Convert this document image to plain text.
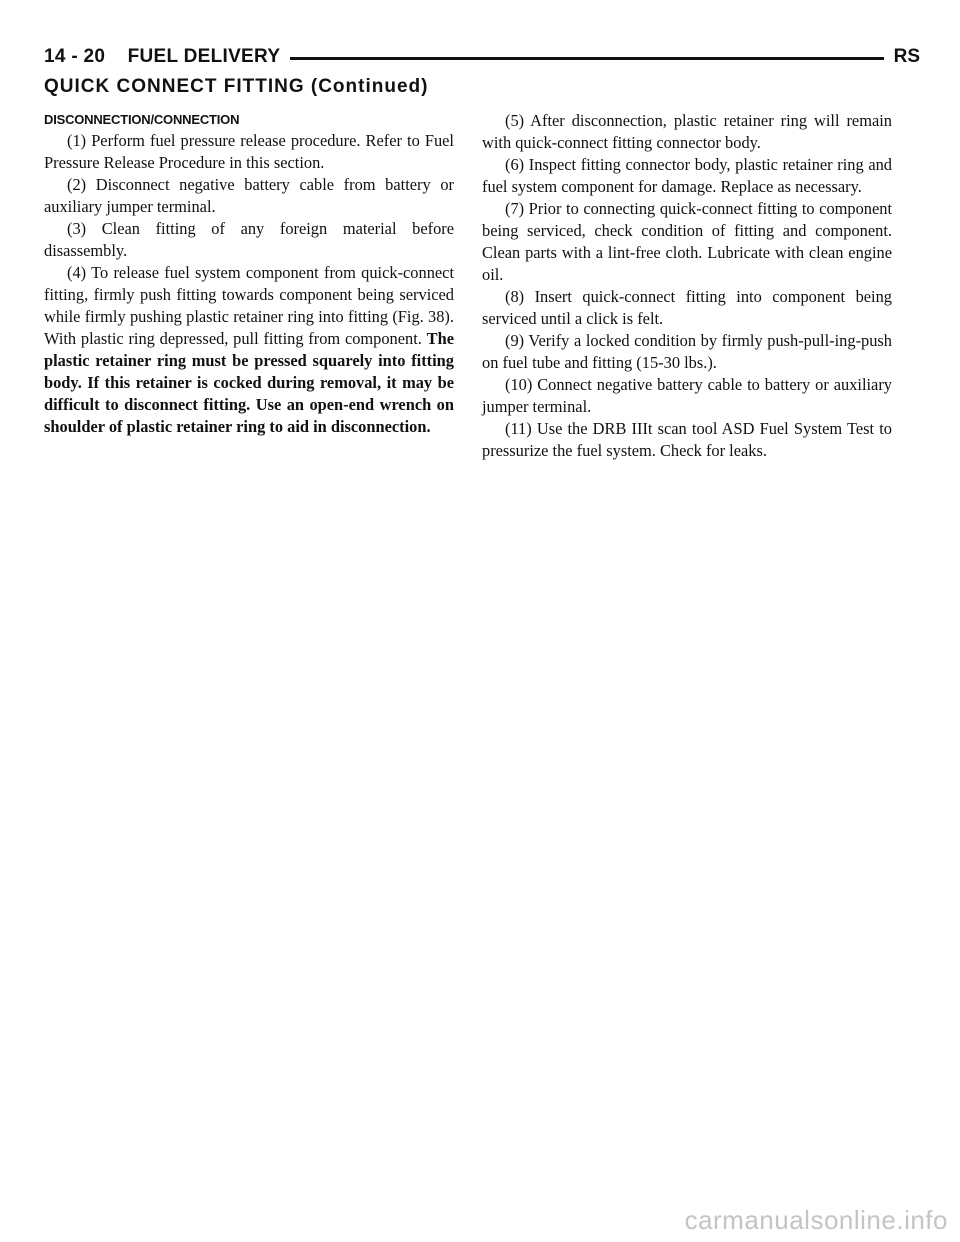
14 - 20    FUEL DELIVERY	RS
QUICK CONNECT FITTING (Continued)

DISCONNECTION/CONNECTION

(1) Perform fuel pressure release procedure. Refer to Fuel Pressure Release Procedure in this section.

(2) Disconnect negative battery cable from battery or auxiliary jumper terminal.

(3) Clean fitting of any foreign material before disassembly.

(4) To release fuel system component from quick-connect fitting, firmly push fitting towards component being serviced while firmly pushing plastic retainer ring into fitting (Fig. 38). With plastic ring depressed, pull fitting from component. The plastic retainer ring must be pressed squarely into fitting body. If this retainer is cocked during removal, it may be difficult to disconnect fitting. Use an open-end wrench on shoulder of plastic retainer ring to aid in disconnection.

(5) After disconnection, plastic retainer ring will remain with quick-connect fitting connector body.

(6) Inspect fitting connector body, plastic retainer ring and fuel system component for damage. Replace as necessary.

(7) Prior to connecting quick-connect fitting to component being serviced, check condition of fitting and component. Clean parts with a lint-free cloth. Lubricate with clean engine oil.

(8) Insert quick-connect fitting into component being serviced until a click is felt.

(9) Verify a locked condition by firmly push-pull-ing-push on fuel tube and fitting (15-30 lbs.).

(10) Connect negative battery cable to battery or auxiliary jumper terminal.

(11) Use the DRB IIIt scan tool ASD Fuel System Test to pressurize the fuel system. Check for leaks.

carmanualsonline.info
